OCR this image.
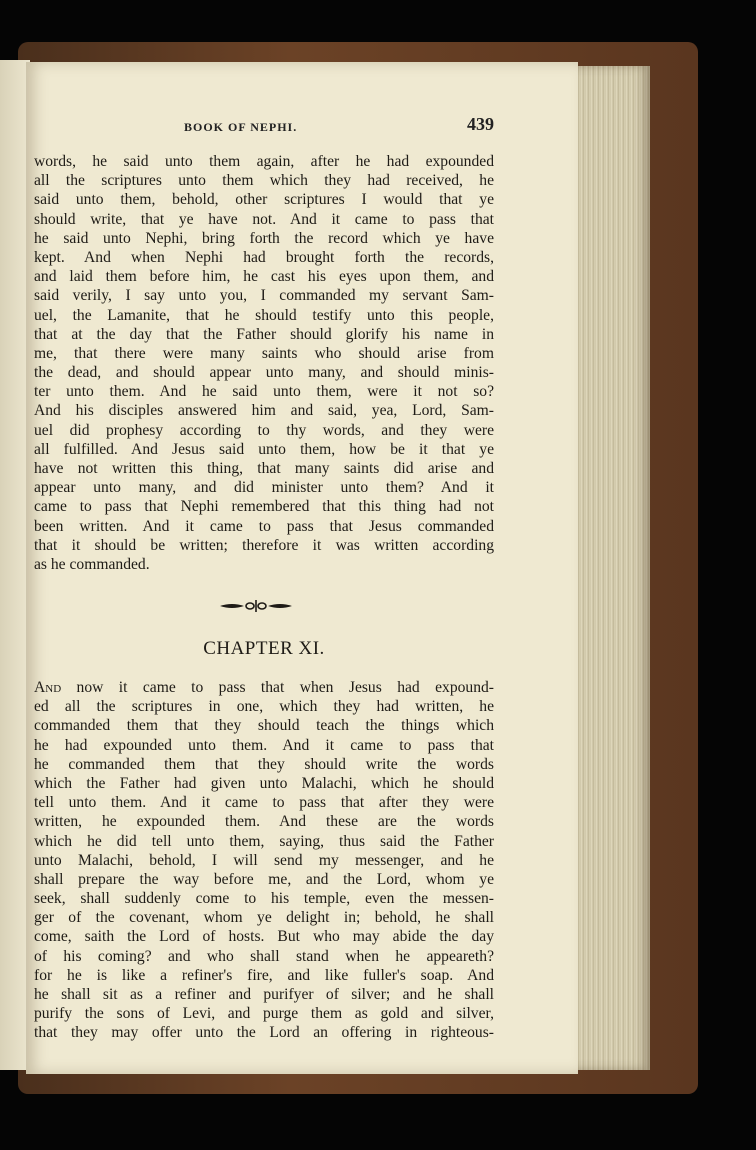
BOOK OF NEPHI.	439
words, he said unto them again, after he had expounded
all the scriptures unto them which they had received, he
said unto them, behold, other scriptures I would that ye
should write, that ye have not. And it came to pass that
he said unto Nephi, bring forth the record which ye have
kept. And when Nephi had brought forth the records,
and laid them before him, he cast his eyes upon them, and
said verily, I say unto you, I commanded my servant Sam-
uel, the Lamanite, that he should testify unto this people,
that at the day that the Father should glorify his name in
me, that there were many saints who should arise from
the dead, and should appear unto many, and should minis-
ter unto them. And he said unto them, were it not so?
And his disciples answered him and said, yea, Lord, Sam-
uel did prophesy according to thy words, and they were
all fulfilled. And Jesus said unto them, how be it that ye
have not written this thing, that many saints did arise and
appear unto many, and did minister unto them? And it
came to pass that Nephi remembered that this thing had not
been written. And it came to pass that Jesus commanded
that it should be written; therefore it was written according
as he commanded.
CHAPTER XI.
And now it came to pass that when Jesus had expound-
ed all the scriptures in one, which they had written, he
commanded them that they should teach the things which
he had expounded unto them. And it came to pass that
he commanded them that they should write the words
which the Father had given unto Malachi, which he should
tell unto them. And it came to pass that after they were
written, he expounded them. And these are the words
which he did tell unto them, saying, thus said the Father
unto Malachi, behold, I will send my messenger, and he
shall prepare the way before me, and the Lord, whom ye
seek, shall suddenly come to his temple, even the messen-
ger of the covenant, whom ye delight in; behold, he shall
come, saith the Lord of hosts. But who may abide the day
of his coming? and who shall stand when he appeareth?
for he is like a refiner's fire, and like fuller's soap. And
he shall sit as a refiner and purifyer of silver; and he shall
purify the sons of Levi, and purge them as gold and silver,
that they may offer unto the Lord an offering in righteous-
